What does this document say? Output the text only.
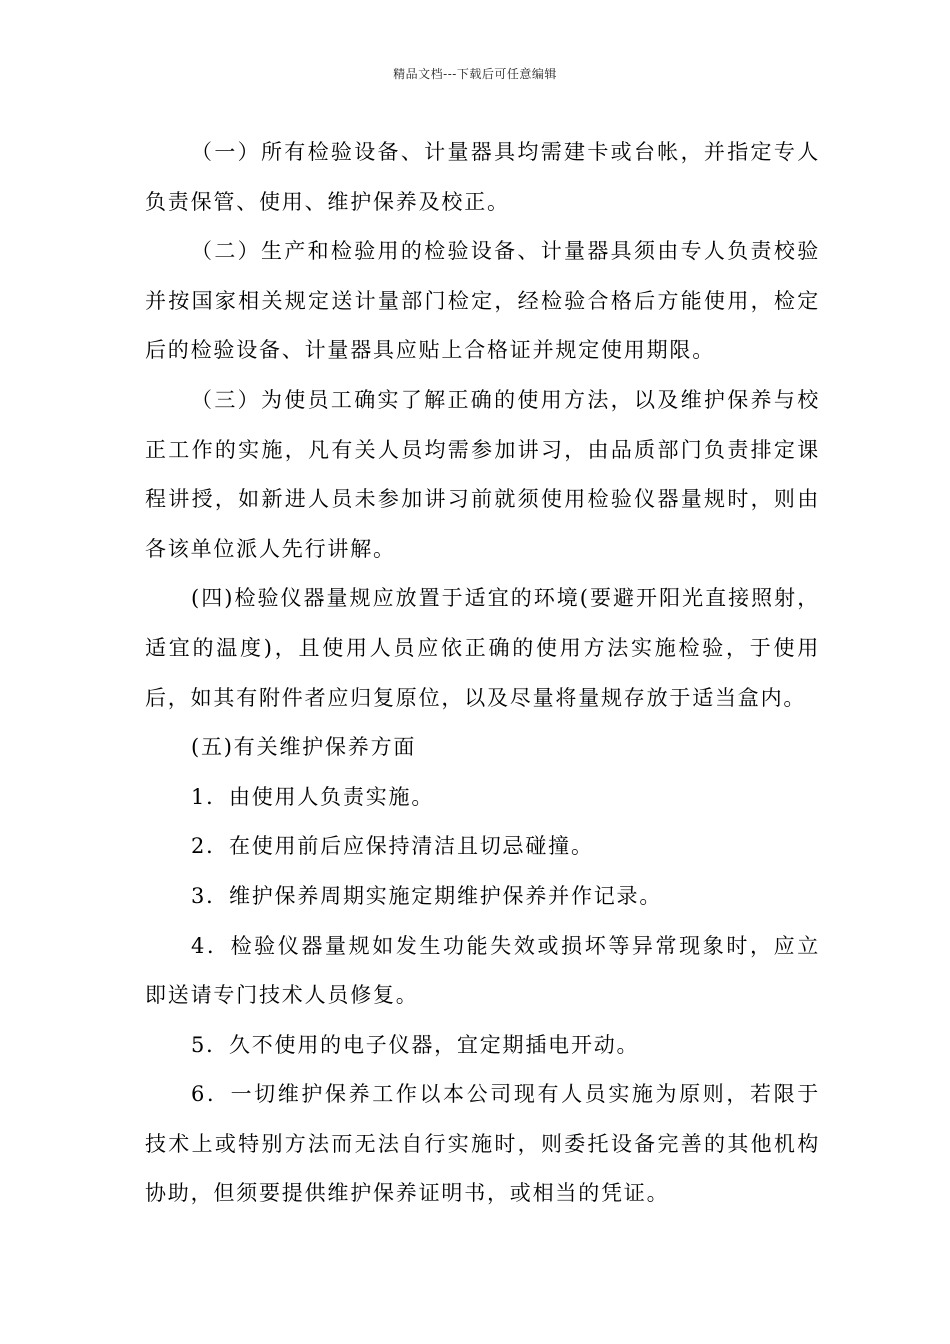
精品文档---下载后可任意编辑

（一）所有检验设备、计量器具均需建卡或台帐，并指定专人负责保管、使用、维护保养及校正。

（二）生产和检验用的检验设备、计量器具须由专人负责校验并按国家相关规定送计量部门检定，经检验合格后方能使用，检定后的检验设备、计量器具应贴上合格证并规定使用期限。

（三）为使员工确实了解正确的使用方法，以及维护保养与校正工作的实施，凡有关人员均需参加讲习，由品质部门负责排定课程讲授，如新进人员未参加讲习前就须使用检验仪器量规时，则由各该单位派人先行讲解。

(四)检验仪器量规应放置于适宜的环境(要避开阳光直接照射，适宜的温度)，且使用人员应依正确的使用方法实施检验，于使用后，如其有附件者应归复原位，以及尽量将量规存放于适当盒内。

(五)有关维护保养方面

1．由使用人负责实施。

2．在使用前后应保持清洁且切忌碰撞。

3．维护保养周期实施定期维护保养并作记录。

4．检验仪器量规如发生功能失效或损坏等异常现象时，应立即送请专门技术人员修复。

5．久不使用的电子仪器，宜定期插电开动。

6．一切维护保养工作以本公司现有人员实施为原则，若限于技术上或特别方法而无法自行实施时，则委托设备完善的其他机构协助，但须要提供维护保养证明书，或相当的凭证。
